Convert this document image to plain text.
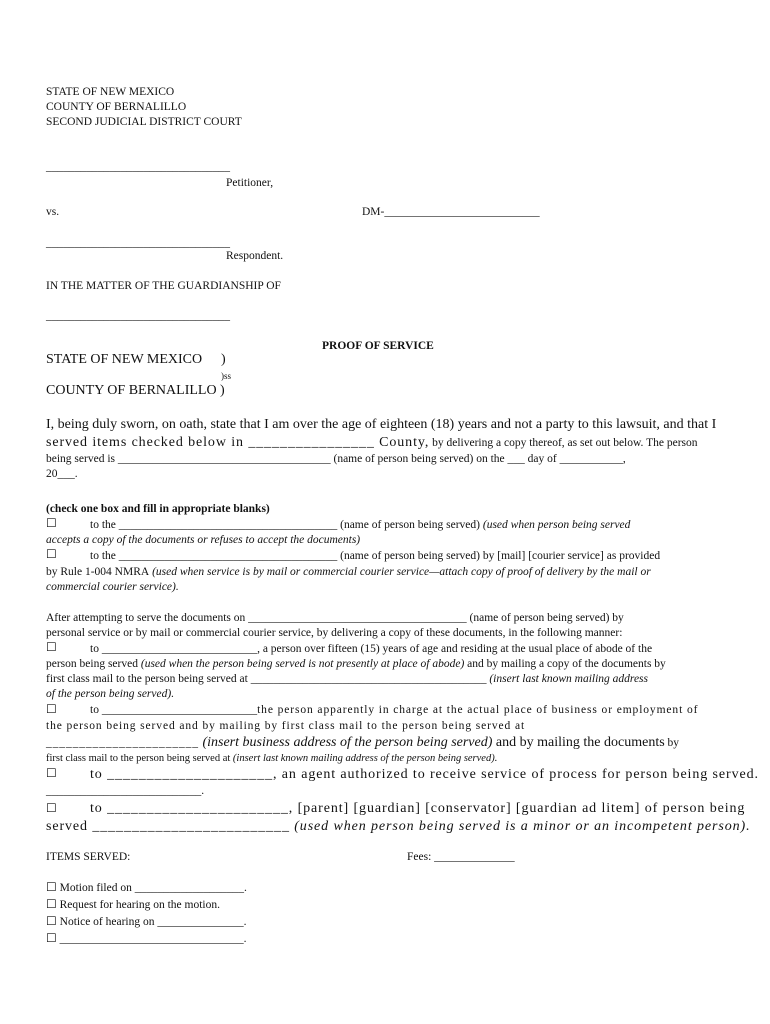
STATE OF NEW MEXICO
COUNTY OF BERNALILLO
SECOND JUDICIAL DISTRICT COURT
________________________________
Petitioner,
vs.	DM-___________________________
________________________________
Respondent.
IN THE MATTER OF THE GUARDIANSHIP OF
________________________________
PROOF OF SERVICE
STATE OF NEW MEXICO )
)ss
COUNTY OF BERNALILLO )
I, being duly sworn, on oath, state that I am over the age of eighteen (18) years and not a party to this lawsuit, and that I
served items checked below in ________________ County, by delivering a copy thereof, as set out below. The person
being served is _____________________________________ (name of person being served) on the ___ day of ___________,
20___.
(check one box and fill in appropriate blanks)
☐	to the ______________________________________ (name of person being served) (used when person being served
accepts a copy of the documents or refuses to accept the documents)
☐	to the ______________________________________ (name of person being served) by [mail] [courier service] as provided
by Rule 1-004 NMRA (used when service is by mail or commercial courier service—attach copy of proof of delivery by the mail or
commercial courier service).
After attempting to serve the documents on ______________________________________ (name of person being served) by
personal service or by mail or commercial courier service, by delivering a copy of these documents, in the following manner:
☐	to ___________________________, a person over fifteen (15) years of age and residing at the usual place of abode of the
person being served (used when the person being served is not presently at place of abode) and by mailing a copy of the documents by
first class mail to the person being served at _________________________________________ (insert last known mailing address
of the person being served).
☐	to ___________________________the person apparently in charge at the actual place of business or employment of
the person being served and by mailing by first class mail to the person being served at
_______________________ (insert business address of the person being served) and by mailing the documents by
first class mail to the person being served at (insert last known mailing address of the person being served).
☐ to _____________________, an agent authorized to receive service of process for person being served.
___________________________.
☐ to _______________________, [parent] [guardian] [conservator] [guardian ad litem] of person being
served _________________________ (used when person being served is a minor or an incompetent person).
ITEMS SERVED:	Fees: ______________
☐ Motion filed on ___________________.
☐ Request for hearing on the motion.
☐ Notice of hearing on _______________.
☐ ________________________________.
